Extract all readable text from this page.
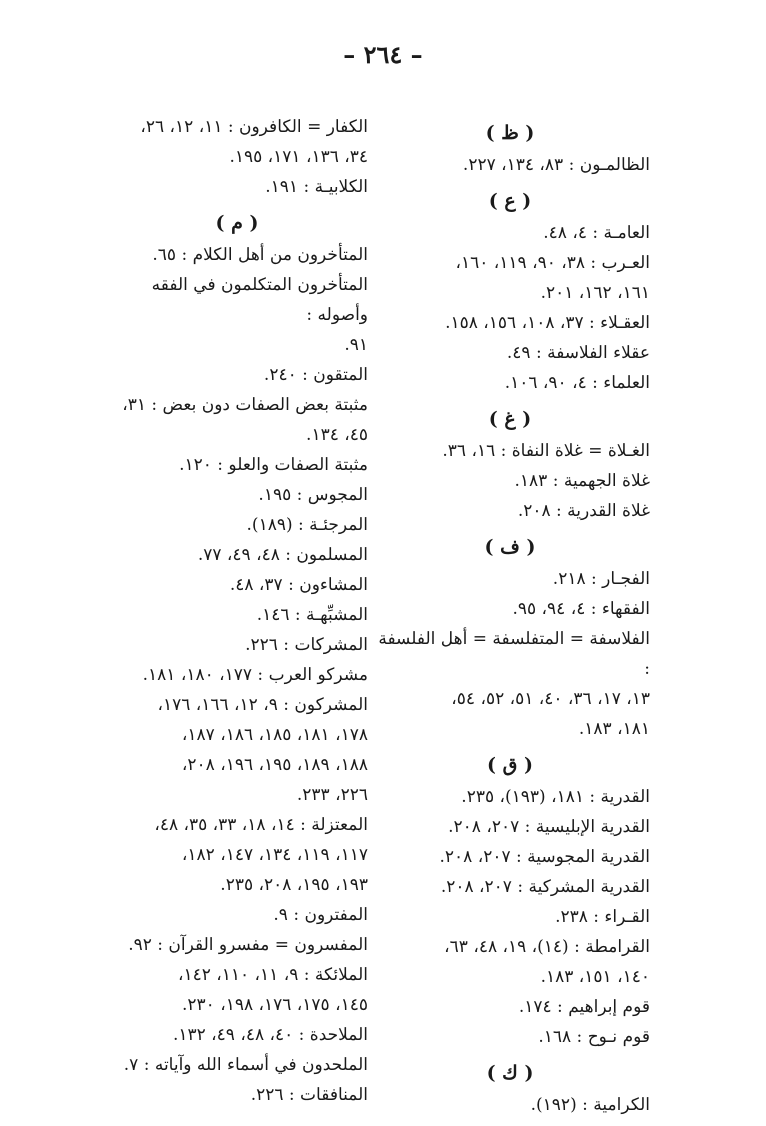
– ٢٦٤ –
( ظ )
الظالمـون : ٨٣، ١٣٤، ٢٢٧.
( ع )
العامـة : ٤، ٤٨.
العـرب : ٣٨، ٩٠، ١١٩، ١٦٠،
١٦١، ١٦٢، ٢٠١.
العقـلاء : ٣٧، ١٠٨، ١٥٦، ١٥٨.
عقلاء الفلاسفة : ٤٩.
العلماء : ٤، ٩٠، ١٠٦.
( غ )
الغـلاة = غلاة النفاة : ١٦، ٣٦.
غلاة الجهمية : ١٨٣.
غلاة القدرية : ٢٠٨.
( ف )
الفجـار : ٢١٨.
الفقهاء : ٤، ٩٤، ٩٥.
الفلاسفة = المتفلسفة = أهل الفلسفة :
١٣، ١٧، ٣٦، ٤٠، ٥١، ٥٢، ٥٤،
١٨١، ١٨٣.
( ق )
القدرية : ١٨١، (١٩٣)، ٢٣٥.
القدرية الإبليسية : ٢٠٧، ٢٠٨.
القدرية المجوسية : ٢٠٧، ٢٠٨.
القدرية المشركية : ٢٠٧، ٢٠٨.
القـراء : ٢٣٨.
القرامطة : (١٤)، ١٩، ٤٨، ٦٣،
١٤٠، ١٥١، ١٨٣.
قوم إبراهيم : ١٧٤.
قوم نـوح : ١٦٨.
( ك )
الكرامية : (١٩٢).
الكفار = الكافرون : ١١، ١٢، ٢٦،
٣٤، ١٣٦، ١٧١، ١٩٥.
الكلابيـة : ١٩١.
( م )
المتأخرون من أهل الكلام : ٦٥.
المتأخرون المتكلمون في الفقه وأصوله :
٩١.
المتقون : ٢٤٠.
مثبتة بعض الصفات دون بعض : ٣١،
٤٥، ١٣٤.
مثبتة الصفات والعلو : ١٢٠.
المجوس : ١٩٥.
المرجئـة : (١٨٩).
المسلمون : ٤٨، ٤٩، ٧٧.
المشاءون : ٣٧، ٤٨.
المشبِّهـة : ١٤٦.
المشركات : ٢٢٦.
مشركو العرب : ١٧٧، ١٨٠، ١٨١.
المشركون : ٩، ١٢، ١٦٦، ١٧٦،
١٧٨، ١٨١، ١٨٥، ١٨٦، ١٨٧،
١٨٨، ١٨٩، ١٩٥، ١٩٦، ٢٠٨،
٢٢٦، ٢٣٣.
المعتزلة : ١٤، ١٨، ٣٣، ٣٥، ٤٨،
١١٧، ١١٩، ١٣٤، ١٤٧، ١٨٢،
١٩٣، ١٩٥، ٢٠٨، ٢٣٥.
المفترون : ٩.
المفسرون = مفسرو القرآن : ٩٢.
الملائكة : ٩، ١١، ١١٠، ١٤٢،
١٤٥، ١٧٥، ١٧٦، ١٩٨، ٢٣٠.
الملاحدة : ٤٠، ٤٨، ٤٩، ١٣٢.
الملحدون في أسماء الله وآياته : ٧.
المنافقات : ٢٢٦.
